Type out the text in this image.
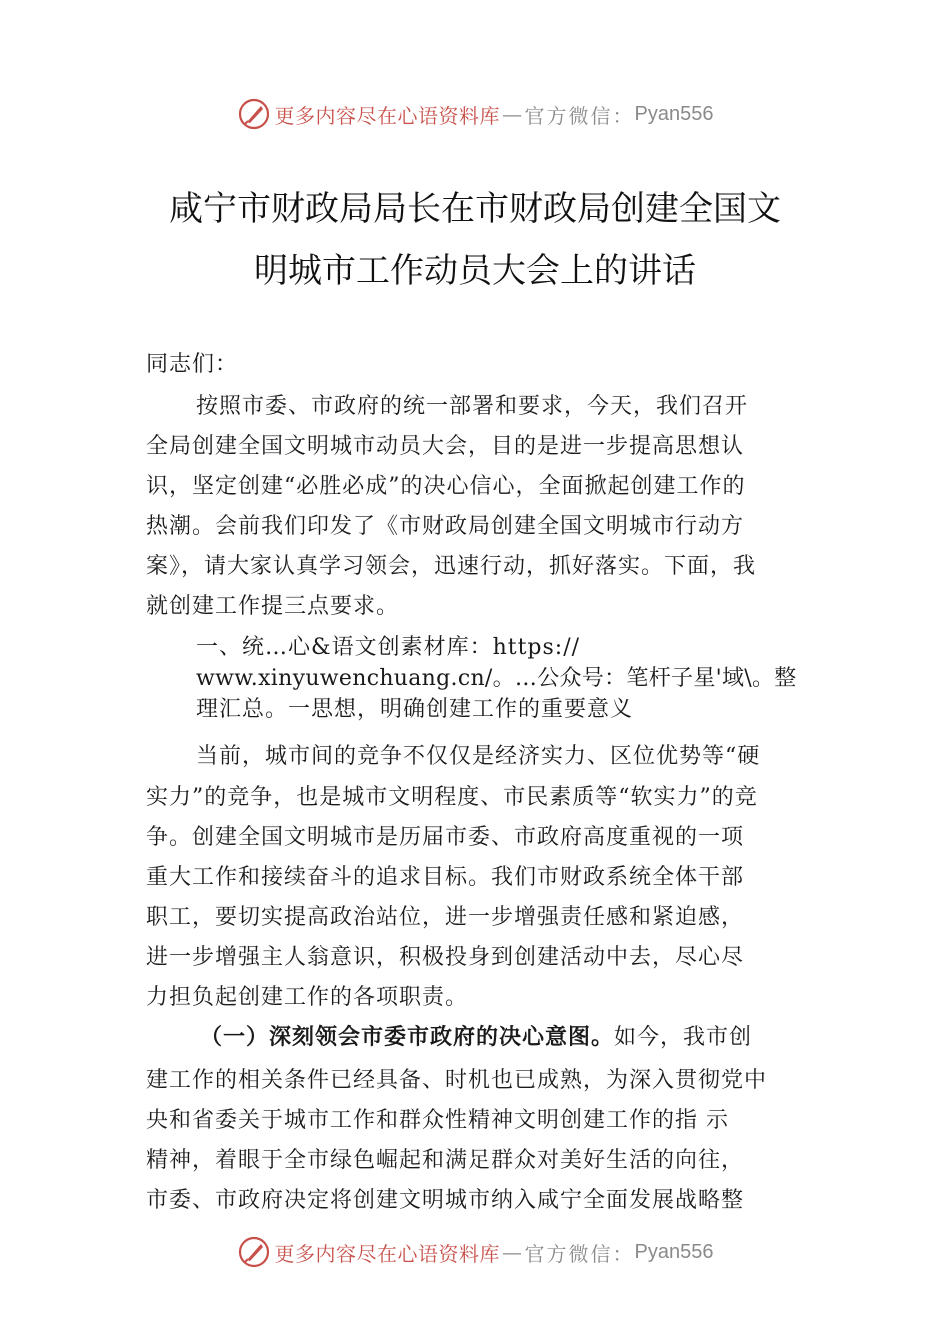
更多内容尽在心语资料库 — 官方微信： Pyan556
咸宁市财政局局长在市财政局创建全国文
明城市工作动员大会上的讲话
同志们：
按照市委、市政府的统一部署和要求，今天，我们召开
全局创建全国文明城市动员大会，目的是进一步提高思想认
识，坚定创建“必胜必成”的决心信心，全面掀起创建工作的
热潮。会前我们印发了《市财政局创建全国文明城市行动方
案》，请大家认真学习领会，迅速行动，抓好落实。下面，我
就创建工作提三点要求。
一、统…心&语文创素材库：https://
www.xinyuwenchuang.cn/。…公众号：笔杆子星'域\。整
理汇总。一思想，明确创建工作的重要意义
当前，城市间的竞争不仅仅是经济实力、区位优势等“硬
实力”的竞争，也是城市文明程度、市民素质等“软实力”的竞
争。创建全国文明城市是历届市委、市政府高度重视的一项
重大工作和接续奋斗的追求目标。我们市财政系统全体干部
职工，要切实提高政治站位，进一步增强责任感和紧迫感，
进一步增强主人翁意识，积极投身到创建活动中去，尽心尽
力担负起创建工作的各项职责。
（一）深刻领会市委市政府的决心意图。如今，我市创
建工作的相关条件已经具备、时机也已成熟，为深入贯彻党中
央和省委关于城市工作和群众性精神文明创建工作的指 示
精神，着眼于全市绿色崛起和满足群众对美好生活的向往，
市委、市政府决定将创建文明城市纳入咸宁全面发展战略整
更多内容尽在心语资料库 — 官方微信： Pyan556
